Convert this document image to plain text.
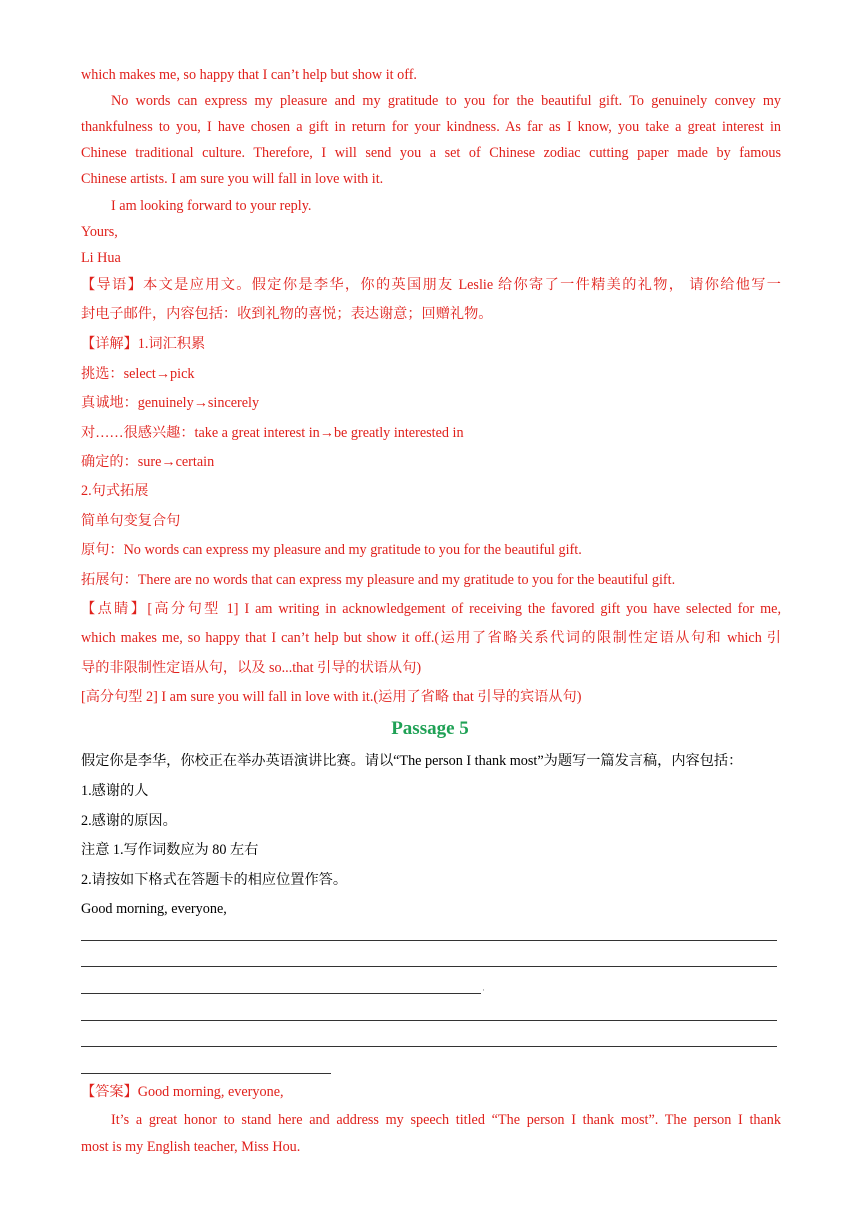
which makes me, so happy that I can’t help but show it off.
No words can express my pleasure and my gratitude to you for the beautiful gift. To genuinely convey my
thankfulness to you, I have chosen a gift in return for your kindness. As far as I know, you take a great interest in
Chinese traditional culture. Therefore, I will send you a set of Chinese zodiac cutting paper made by famous
Chinese artists. I am sure you will fall in love with it.
I am looking forward to your reply.
Yours,
Li Hua
【导语】本文是应用文。假定你是李华，你的英国朋友 Leslie 给你寄了一件精美的礼物， 请你给他写一
封电子邮件，内容包括：收到礼物的喜悦；表达谢意；回赠礼物。
【详解】1.词汇积累
挑选：select→pick
真诚地：genuinely→sincerely
对……很感兴趣：take a great interest in→be greatly interested in
确定的：sure→certain
2.句式拓展
简单句变复合句
原句：No words can express my pleasure and my gratitude to you for the beautiful gift.
拓展句：There are no words that can express my pleasure and my gratitude to you for the beautiful gift.
【点睛】[高分句型 1] I am writing in acknowledgement of receiving the favored gift you have selected for me,
which makes me, so happy that I can’t help but show it off.(运用了省略关系代词的限制性定语从句和 which 引
导的非限制性定语从句，以及 so...that 引导的状语从句)
[高分句型 2] I am sure you will fall in love with it.(运用了省略 that 引导的宾语从句)
Passage 5
假定你是李华，你校正在举办英语演讲比赛。请以“The person I thank most”为题写一篇发言稿，内容包括：
1.感谢的人
2.感谢的原因。
注意 1.写作词数应为 80 左右
2.请按如下格式在答题卡的相应位置作答。
Good morning, everyone,
·
【答案】Good morning, everyone,
It’s a great honor to stand here and address my speech titled “The person I thank most”. The person I thank
most is my English teacher, Miss Hou.
